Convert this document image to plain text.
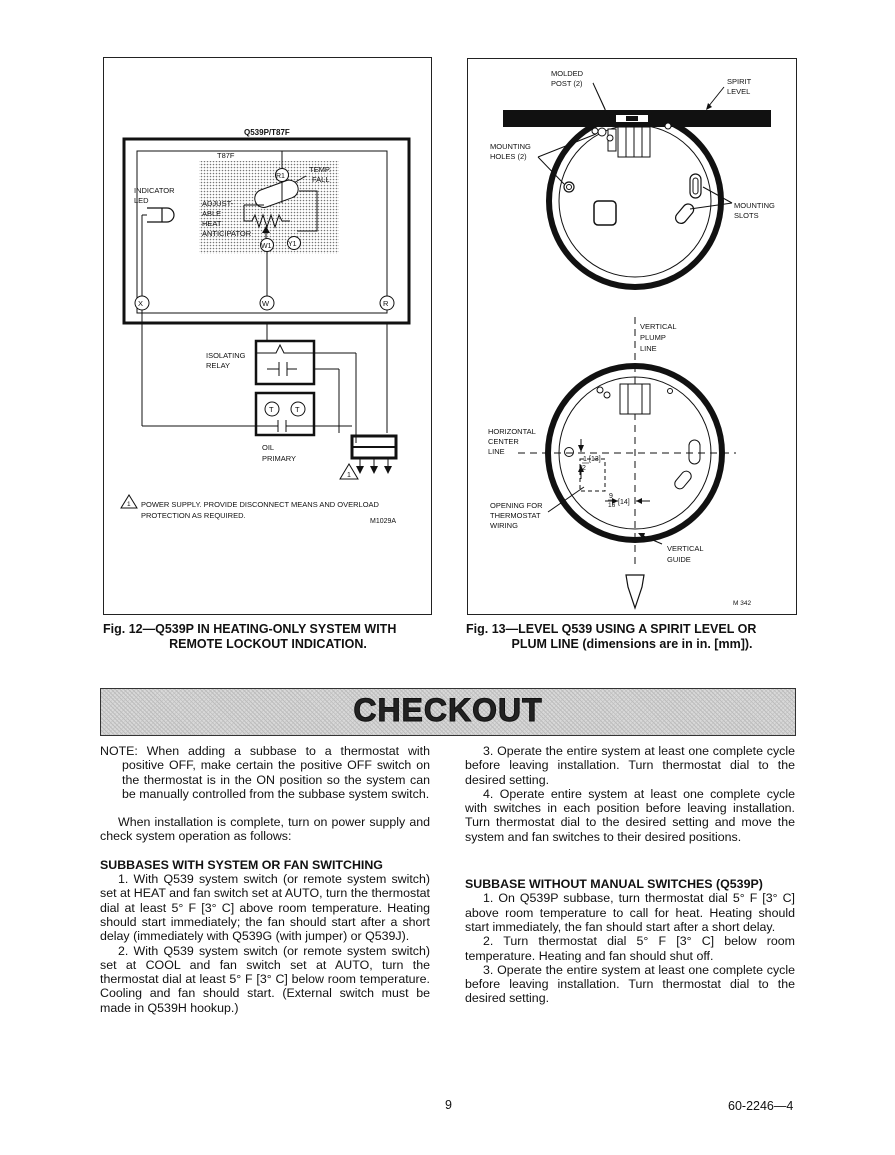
Q539P/T87F
T87F
INDICATOR
LED
R1
TEMP.
FALL
ADJUST-
ABLE
HEAT
ANTICIPATOR
W1 Y1
X	W	R
ISOLATING
RELAY
T	T
OIL
PRIMARY
1
1 POWER SUPPLY. PROVIDE DISCONNECT MEANS AND OVERLOAD
PROTECTION AS REQUIRED.
M1029A
Fig. 12—Q539P IN HEATING-ONLY SYSTEM WITH
REMOTE LOCKOUT INDICATION.
MOLDED
POST (2)	SPIRIT
LEVEL
MOUNTING
HOLES (2)
MOUNTING
SLOTS
VERTICAL
PLUMP
LINE
HORIZONTAL
CENTER
LINE
1 [13]
2
9
16 [14]
OPENING FOR
THERMOSTAT
WIRING
VERTICAL
GUIDE
M 342
Fig. 13—LEVEL Q539 USING A SPIRIT LEVEL OR
PLUM LINE (dimensions are in in. [mm]).
CHECKOUT

NOTE: When adding a subbase to a thermostat with positive OFF, make certain the positive OFF switch on the thermostat is in the ON position so the system can be manually controlled from the subbase system switch.

When installation is complete, turn on power supply and check system operation as follows:

SUBBASES WITH SYSTEM OR FAN SWITCHING

1. With Q539 system switch (or remote system switch) set at HEAT and fan switch set at AUTO, turn the thermostat dial at least 5° F [3° C] above room temperature. Heating should start immediately; the fan should start after a short delay (immediately with Q539G (with jumper) or Q539J).

2. With Q539 system switch (or remote system switch) set at COOL and fan switch set at AUTO, turn the thermostat dial at least 5° F [3° C] below room temperature. Cooling and fan should start. (External switch must be made in Q539H hookup.)

3. Operate the entire system at least one complete cycle before leaving installation. Turn thermostat dial to the desired setting.

4. Operate entire system at least one complete cycle with switches in each position before leaving installation. Turn thermostat dial to the desired setting and move the system and fan switches to their desired positions.

SUBBASE WITHOUT MANUAL SWITCHES (Q539P)

1. On Q539P subbase, turn thermostat dial 5° F [3° C] above room temperature to call for heat. Heating should start immediately, the fan should start after a short delay.

2. Turn thermostat dial 5° F [3° C] below room temperature. Heating and fan should shut off.

3. Operate the entire system at least one complete cycle before leaving installation. Turn thermostat dial to the desired setting.

9	60-2246—4
